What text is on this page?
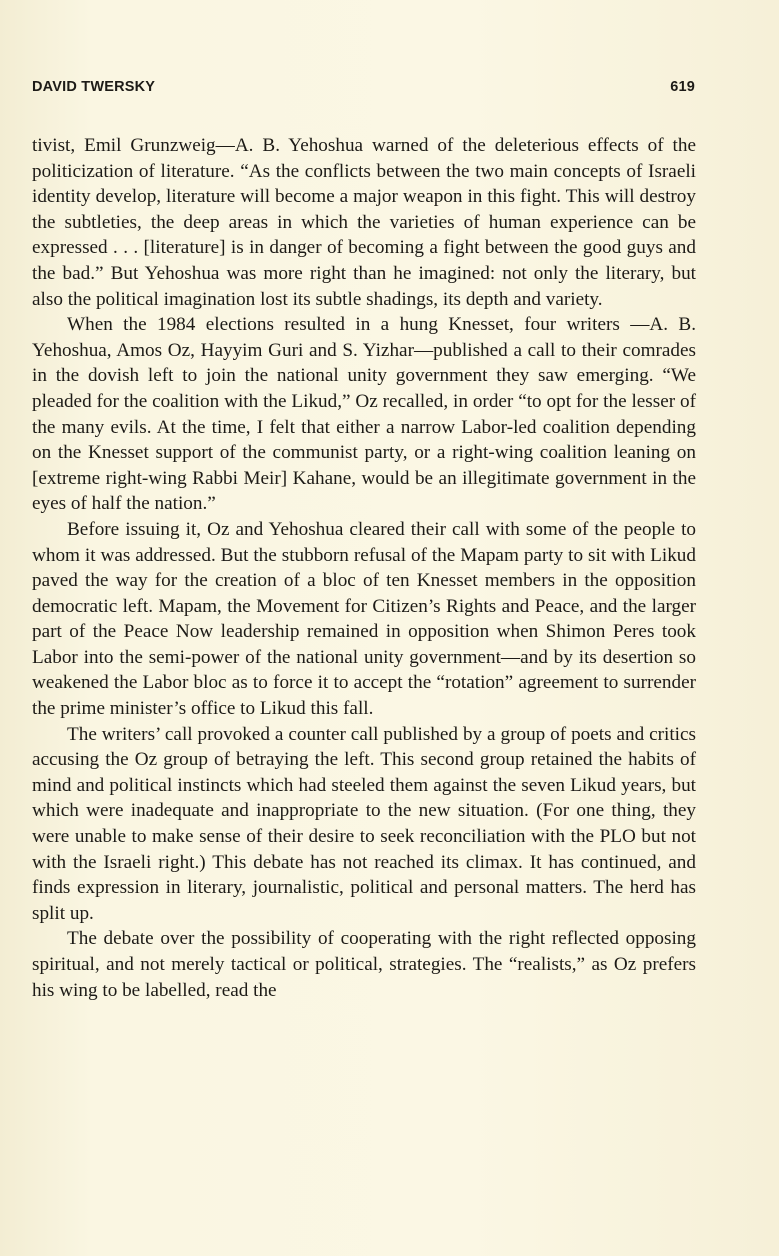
DAVID TWERSKY	619

tivist, Emil Grunzweig—A. B. Yehoshua warned of the deleterious effects of the politicization of literature. “As the conflicts between the two main concepts of Israeli identity develop, literature will become a major weapon in this fight. This will destroy the subtleties, the deep areas in which the varieties of human experience can be expressed . . . [literature] is in danger of becoming a fight between the good guys and the bad.” But Yehoshua was more right than he imagined: not only the literary, but also the political imagination lost its subtle shadings, its depth and variety.

When the 1984 elections resulted in a hung Knesset, four writers —A. B. Yehoshua, Amos Oz, Hayyim Guri and S. Yizhar—published a call to their comrades in the dovish left to join the national unity government they saw emerging. “We pleaded for the coalition with the Likud,” Oz recalled, in order “to opt for the lesser of the many evils. At the time, I felt that either a narrow Labor-led coalition depending on the Knesset support of the communist party, or a right-wing coalition leaning on [extreme right-wing Rabbi Meir] Kahane, would be an illegitimate government in the eyes of half the nation.”

Before issuing it, Oz and Yehoshua cleared their call with some of the people to whom it was addressed. But the stubborn refusal of the Mapam party to sit with Likud paved the way for the creation of a bloc of ten Knesset members in the opposition democratic left. Mapam, the Movement for Citizen’s Rights and Peace, and the larger part of the Peace Now leadership remained in opposition when Shimon Peres took Labor into the semi-power of the national unity government—and by its desertion so weakened the Labor bloc as to force it to accept the “rotation” agreement to surrender the prime minister’s office to Likud this fall.

The writers’ call provoked a counter call published by a group of poets and critics accusing the Oz group of betraying the left. This second group retained the habits of mind and political instincts which had steeled them against the seven Likud years, but which were inadequate and inappropriate to the new situation. (For one thing, they were unable to make sense of their desire to seek reconciliation with the PLO but not with the Israeli right.) This debate has not reached its climax. It has continued, and finds expression in literary, journalistic, political and personal matters. The herd has split up.

The debate over the possibility of cooperating with the right reflected opposing spiritual, and not merely tactical or political, strategies. The “realists,” as Oz prefers his wing to be labelled, read the
